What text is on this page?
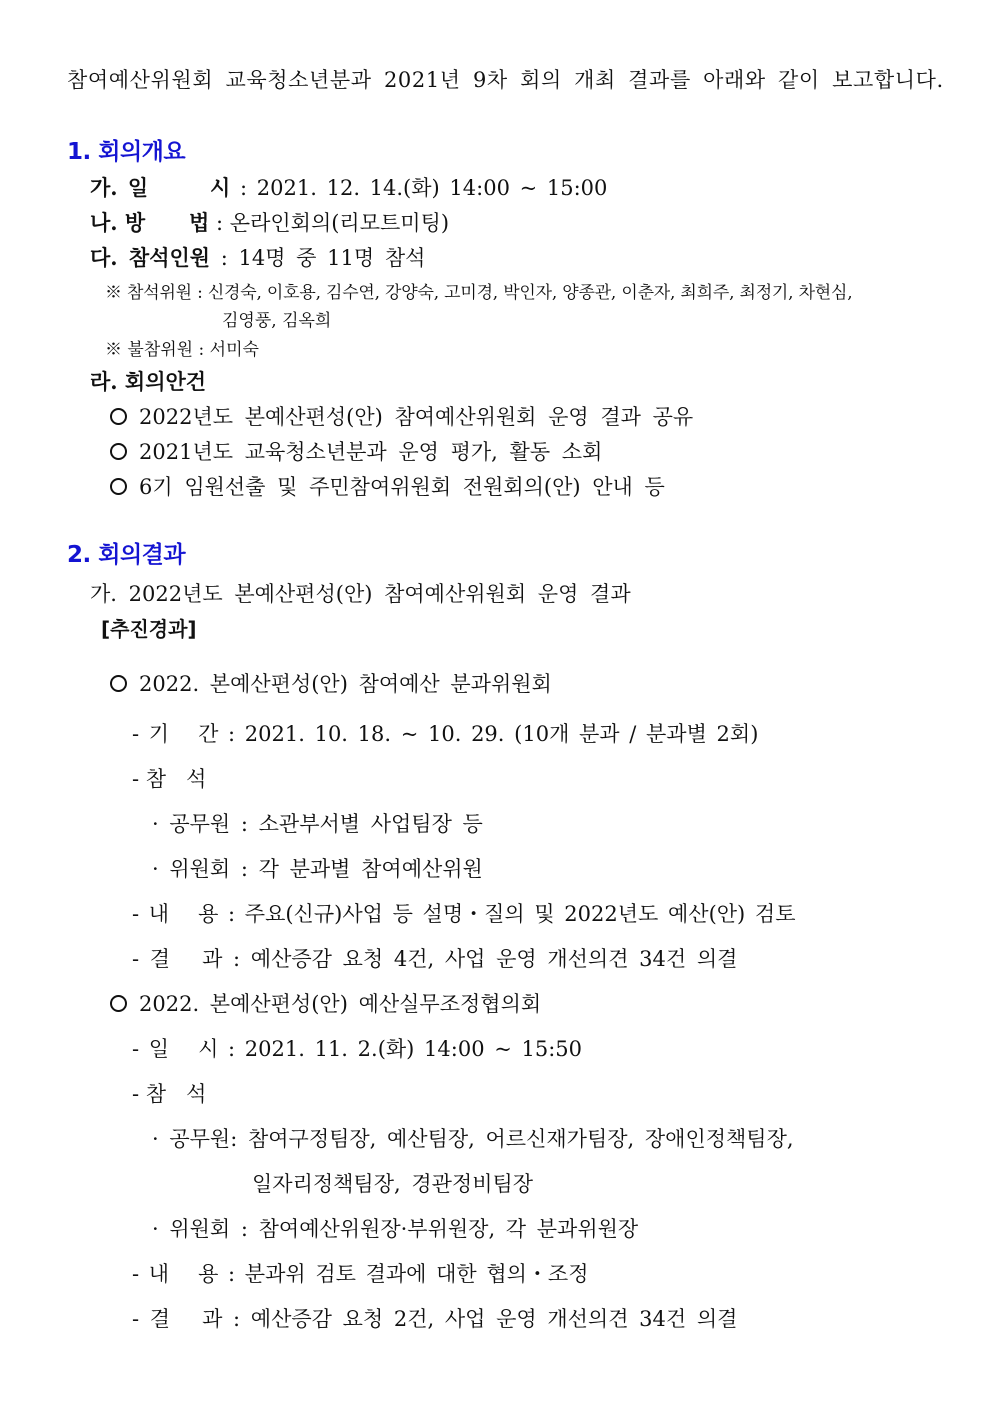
참여예산위원회 교육청소년분과 2021년 9차 회의 개최 결과를 아래와 같이 보고합니다.
1. 회의개요
가. 일      시 : 2021. 12. 14.(화) 14:00 ~ 15:00
나. 방      법 : 온라인회의(리모트미팅)
다. 참석인원 : 14명 중 11명 참석
※ 참석위원 : 신경숙, 이호용, 김수연, 강양숙, 고미경, 박인자, 양종관, 이춘자, 최희주, 최정기, 차현심,
김영풍, 김옥희
※ 불참위원 : 서미숙
라. 회의안건
2022년도 본예산편성(안) 참여예산위원회 운영 결과 공유
2021년도 교육청소년분과 운영 평가, 활동 소회
6기 임원선출 및 주민참여위원회 전원회의(안) 안내 등
2. 회의결과
가. 2022년도 본예산편성(안) 참여예산위원회 운영 결과
[추진경과]
2022. 본예산편성(안) 참여예산 분과위원회
- 기   간 : 2021. 10. 18. ~ 10. 29. (10개 분과 / 분과별 2회)
- 참   석
· 공무원 : 소관부서별 사업팀장 등
· 위원회 : 각 분과별 참여예산위원
- 내   용 : 주요(신규)사업 등 설명・질의 및 2022년도 예산(안) 검토
- 결   과 : 예산증감 요청 4건, 사업 운영 개선의견 34건 의결
2022. 본예산편성(안) 예산실무조정협의회
- 일   시 : 2021. 11. 2.(화) 14:00 ~ 15:50
- 참   석
· 공무원: 참여구정팀장, 예산팀장, 어르신재가팀장, 장애인정책팀장,
일자리정책팀장, 경관정비팀장
· 위원회 : 참여예산위원장·부위원장, 각 분과위원장
- 내   용 : 분과위 검토 결과에 대한 협의・조정
- 결   과 : 예산증감 요청 2건, 사업 운영 개선의견 34건 의결
